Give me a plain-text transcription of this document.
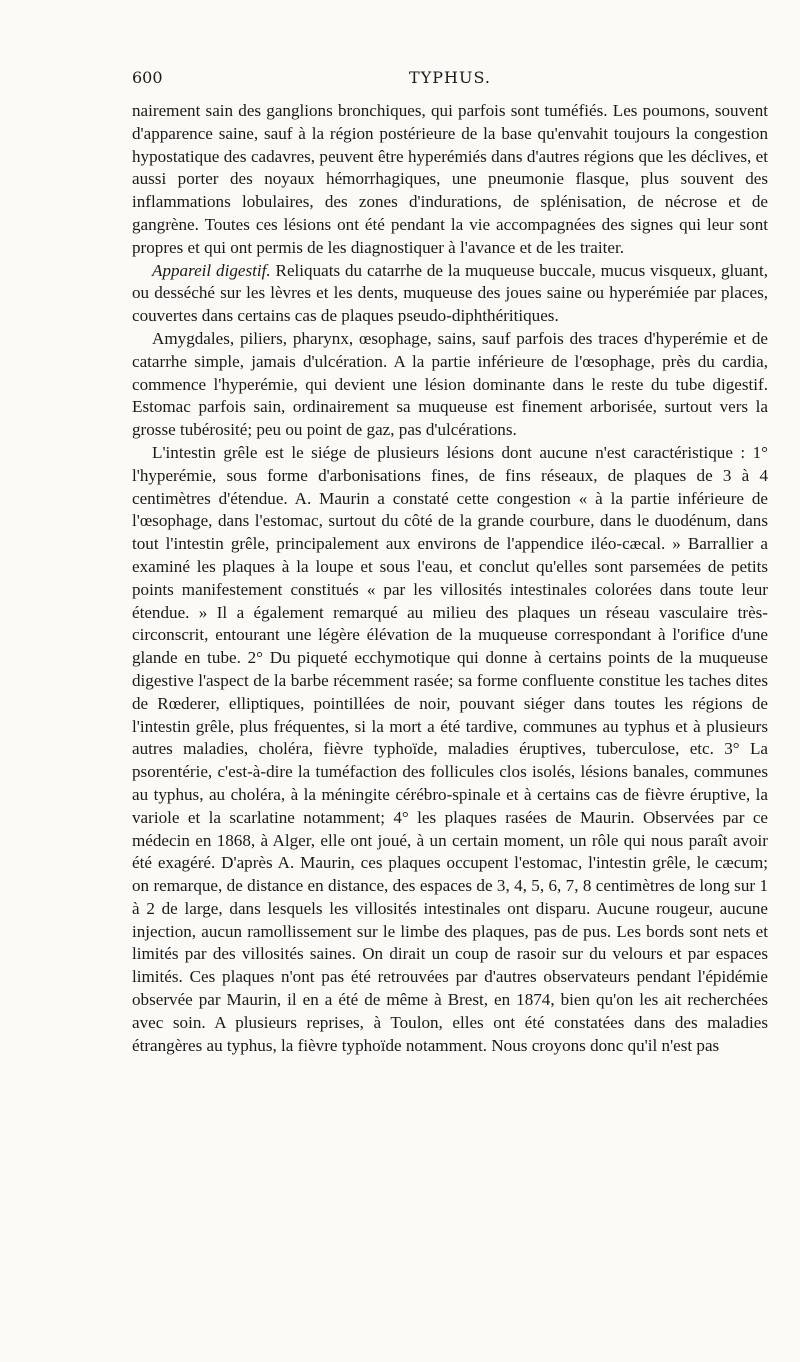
600	TYPHUS.

nairement sain des ganglions bronchiques, qui parfois sont tuméfiés. Les poumons, souvent d'apparence saine, sauf à la région postérieure de la base qu'envahit toujours la congestion hypostatique des cadavres, peuvent être hyperémiés dans d'autres régions que les déclives, et aussi porter des noyaux hémorrhagiques, une pneumonie flasque, plus souvent des inflammations lobulaires, des zones d'indurations, de splénisation, de nécrose et de gangrène. Toutes ces lésions ont été pendant la vie accompagnées des signes qui leur sont propres et qui ont permis de les diagnostiquer à l'avance et de les traiter.

Appareil digestif. Reliquats du catarrhe de la muqueuse buccale, mucus visqueux, gluant, ou desséché sur les lèvres et les dents, muqueuse des joues saine ou hyperémiée par places, couvertes dans certains cas de plaques pseudo-diphthéritiques.

Amygdales, piliers, pharynx, œsophage, sains, sauf parfois des traces d'hyperémie et de catarrhe simple, jamais d'ulcération. A la partie inférieure de l'œsophage, près du cardia, commence l'hyperémie, qui devient une lésion dominante dans le reste du tube digestif. Estomac parfois sain, ordinairement sa muqueuse est finement arborisée, surtout vers la grosse tubérosité; peu ou point de gaz, pas d'ulcérations.

L'intestin grêle est le siége de plusieurs lésions dont aucune n'est caractéristique : 1° l'hyperémie, sous forme d'arbonisations fines, de fins réseaux, de plaques de 3 à 4 centimètres d'étendue. A. Maurin a constaté cette congestion « à la partie inférieure de l'œsophage, dans l'estomac, surtout du côté de la grande courbure, dans le duodénum, dans tout l'intestin grêle, principalement aux environs de l'appendice iléo-cæcal. » Barrallier a examiné les plaques à la loupe et sous l'eau, et conclut qu'elles sont parsemées de petits points manifestement constitués « par les villosités intestinales colorées dans toute leur étendue. » Il a également remarqué au milieu des plaques un réseau vasculaire très-circonscrit, entourant une légère élévation de la muqueuse correspondant à l'orifice d'une glande en tube. 2° Du piqueté ecchymotique qui donne à certains points de la muqueuse digestive l'aspect de la barbe récemment rasée; sa forme confluente constitue les taches dites de Rœderer, elliptiques, pointillées de noir, pouvant siéger dans toutes les régions de l'intestin grêle, plus fréquentes, si la mort a été tardive, communes au typhus et à plusieurs autres maladies, choléra, fièvre typhoïde, maladies éruptives, tuberculose, etc. 3° La psorentérie, c'est-à-dire la tuméfaction des follicules clos isolés, lésions banales, communes au typhus, au choléra, à la méningite cérébro-spinale et à certains cas de fièvre éruptive, la variole et la scarlatine notamment; 4° les plaques rasées de Maurin. Observées par ce médecin en 1868, à Alger, elle ont joué, à un certain moment, un rôle qui nous paraît avoir été exagéré. D'après A. Maurin, ces plaques occupent l'estomac, l'intestin grêle, le cæcum; on remarque, de distance en distance, des espaces de 3, 4, 5, 6, 7, 8 centimètres de long sur 1 à 2 de large, dans lesquels les villosités intestinales ont disparu. Aucune rougeur, aucune injection, aucun ramollissement sur le limbe des plaques, pas de pus. Les bords sont nets et limités par des villosités saines. On dirait un coup de rasoir sur du velours et par espaces limités. Ces plaques n'ont pas été retrouvées par d'autres observateurs pendant l'épidémie observée par Maurin, il en a été de même à Brest, en 1874, bien qu'on les ait recherchées avec soin. A plusieurs reprises, à Toulon, elles ont été constatées dans des maladies étrangères au typhus, la fièvre typhoïde notamment. Nous croyons donc qu'il n'est pas
